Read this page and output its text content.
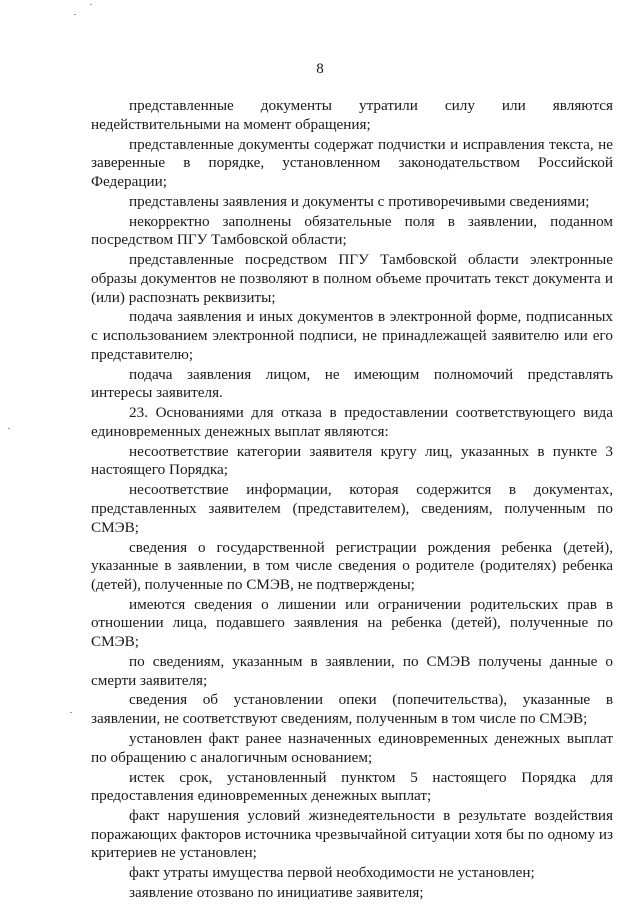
8

представленные документы утратили силу или являются недействительными на момент обращения;

представленные документы содержат подчистки и исправления текста, не заверенные в порядке, установленном законодательством Российской Федерации;

представлены заявления и документы с противоречивыми сведениями;

некорректно заполнены обязательные поля в заявлении, поданном посредством ПГУ Тамбовской области;

представленные посредством ПГУ Тамбовской области электронные образы документов не позволяют в полном объеме прочитать текст документа и (или) распознать реквизиты;

подача заявления и иных документов в электронной форме, подписанных с использованием электронной подписи, не принадлежащей заявителю или его представителю;

подача заявления лицом, не имеющим полномочий представлять интересы заявителя.

23. Основаниями для отказа в предоставлении соответствующего вида единовременных денежных выплат являются:

несоответствие категории заявителя кругу лиц, указанных в пункте 3 настоящего Порядка;

несоответствие информации, которая содержится в документах, представленных заявителем (представителем), сведениям, полученным по СМЭВ;

сведения о государственной регистрации рождения ребенка (детей), указанные в заявлении, в том числе сведения о родителе (родителях) ребенка (детей), полученные по СМЭВ, не подтверждены;

имеются сведения о лишении или ограничении родительских прав в отношении лица, подавшего заявления на ребенка (детей), полученные по СМЭВ;

по сведениям, указанным в заявлении, по СМЭВ получены данные о смерти заявителя;

сведения об установлении опеки (попечительства), указанные в заявлении, не соответствуют сведениям, полученным в том числе по СМЭВ;

установлен факт ранее назначенных единовременных денежных выплат по обращению с аналогичным основанием;

истек срок, установленный пунктом 5 настоящего Порядка для предоставления единовременных денежных выплат;

факт нарушения условий жизнедеятельности в результате воздействия поражающих факторов источника чрезвычайной ситуации хотя бы по одному из критериев не установлен;

факт утраты имущества первой необходимости не установлен;

заявление отозвано по инициативе заявителя;
